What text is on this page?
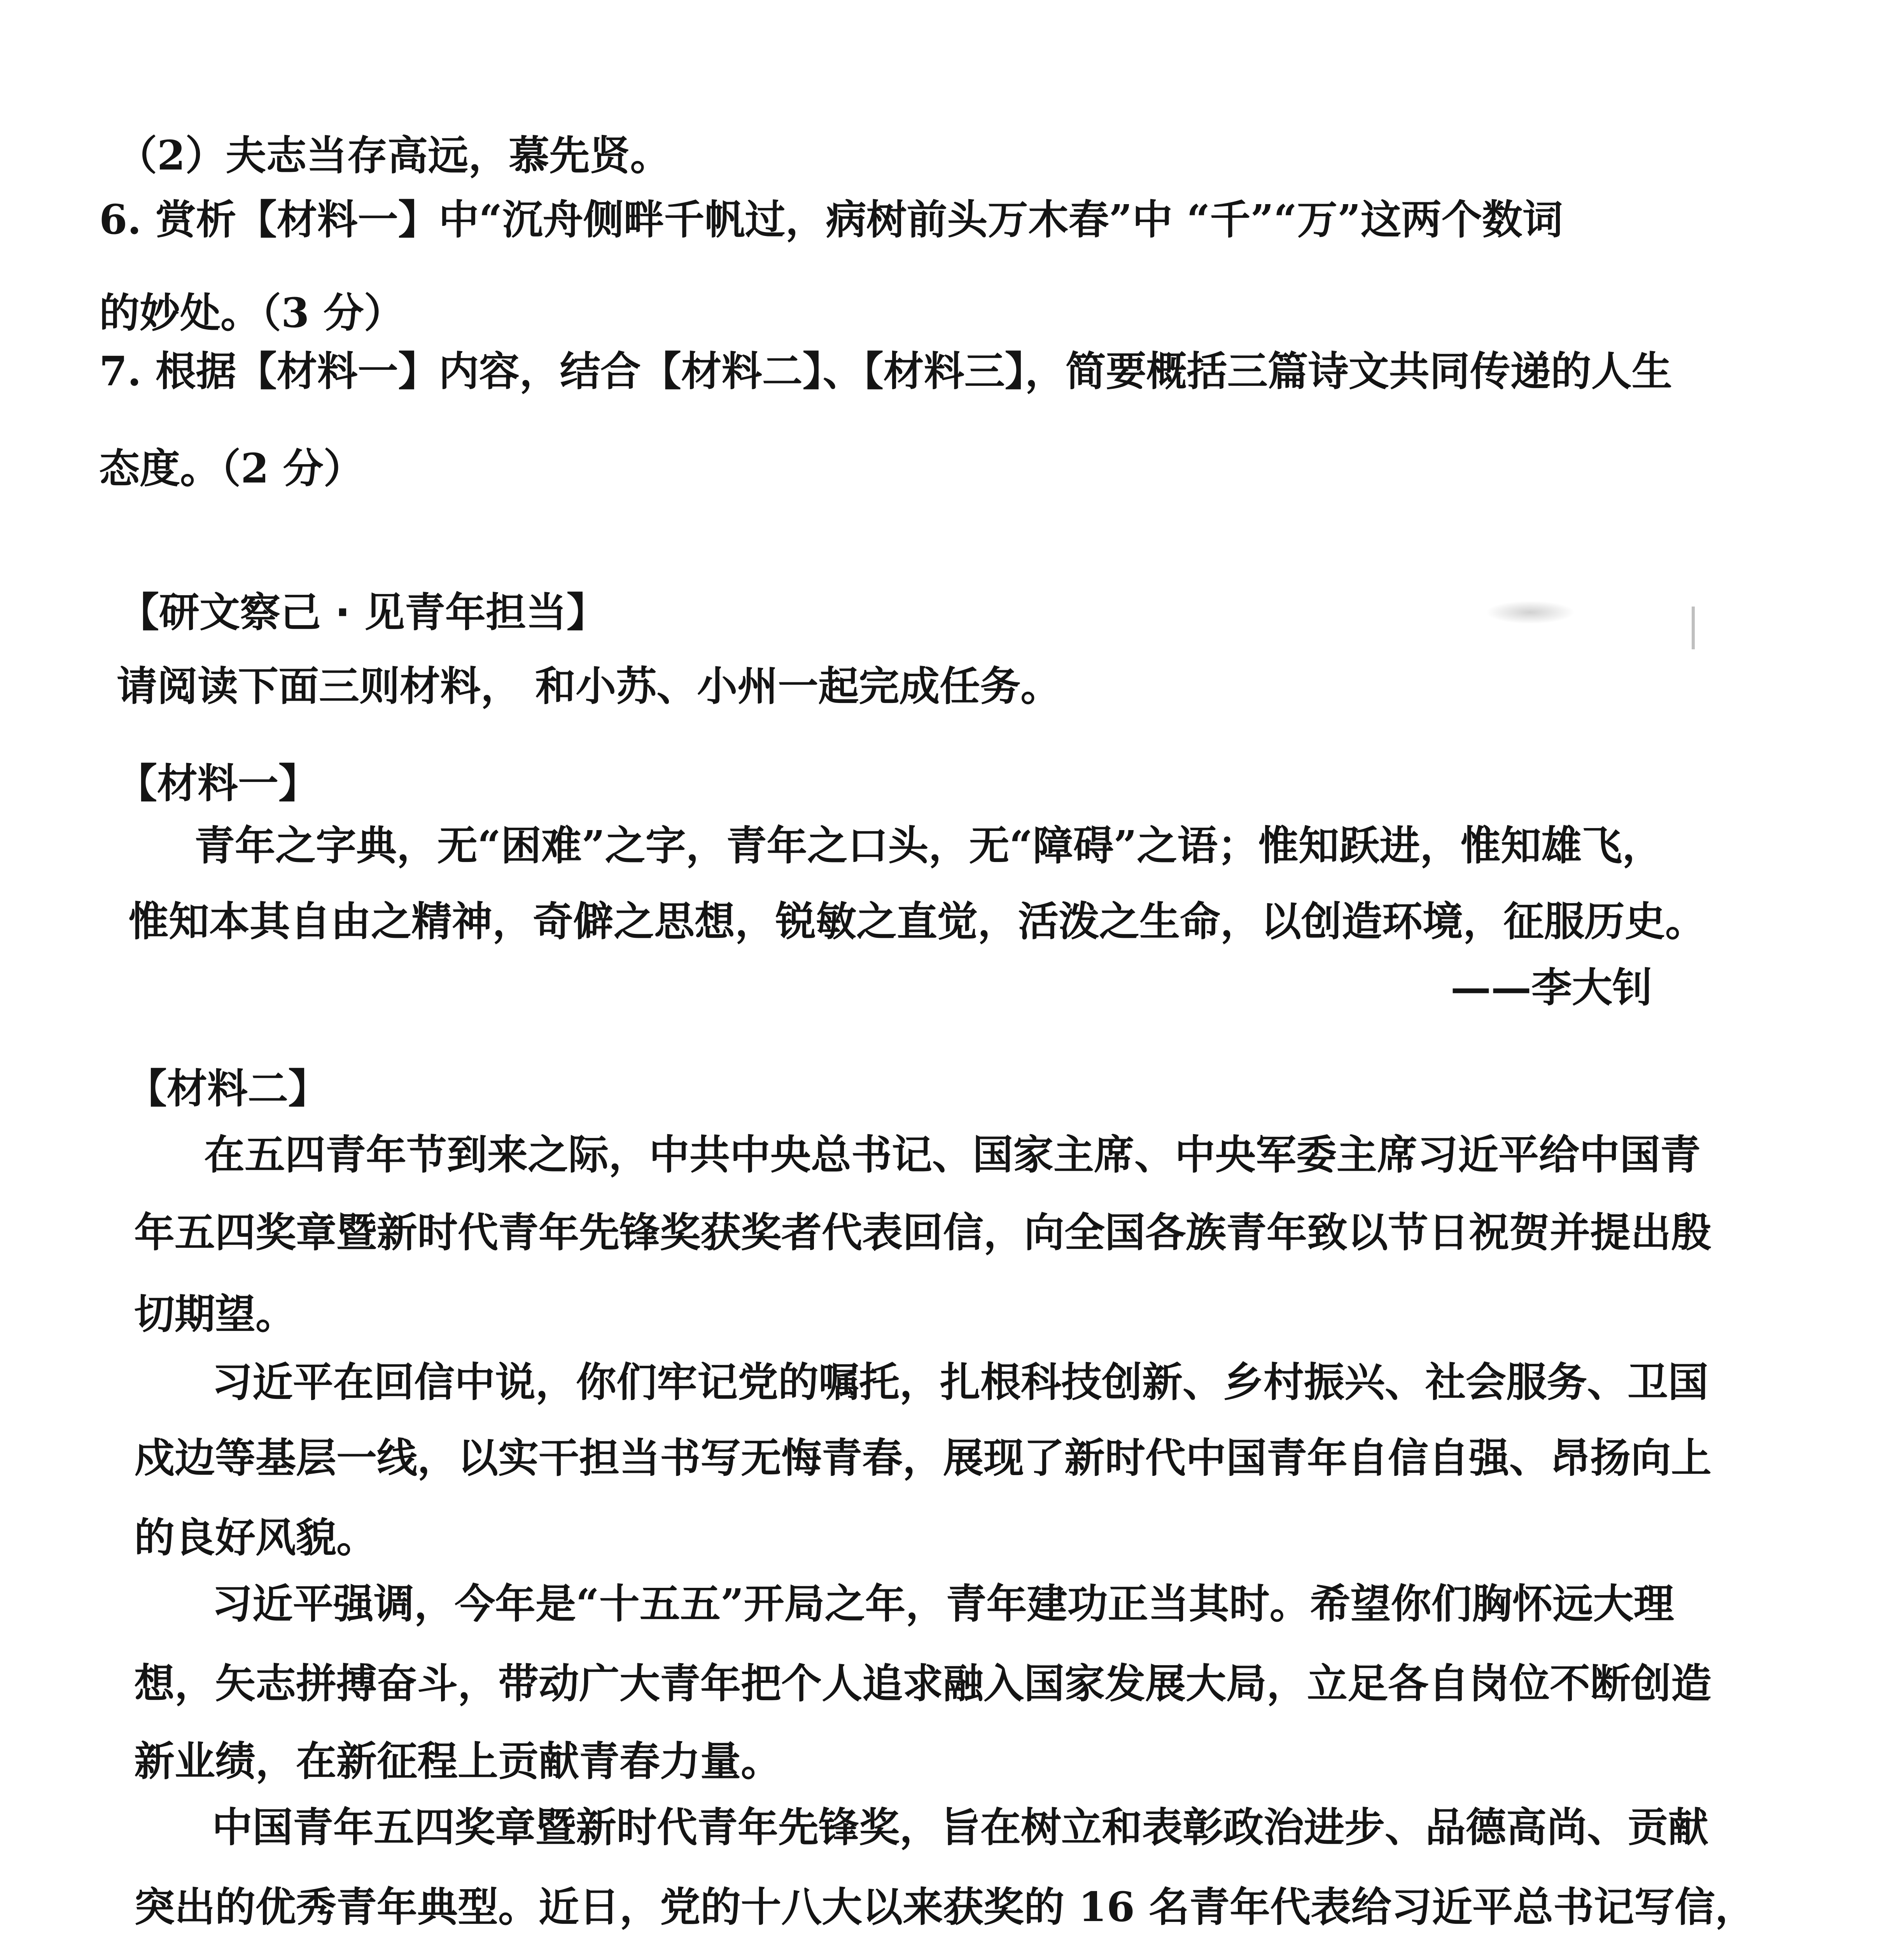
（2）夫志当存高远，慕先贤。
6. 赏析【材料一】中“沉舟侧畔千帆过，病树前头万木春”中 “千”“万”这两个数词
的妙处。（3 分）
7. 根据【材料一】内容，结合【材料二】、【材料三】，简要概括三篇诗文共同传递的人生
态度。（2 分）
【研文察己 · 见青年担当】
请阅读下面三则材料， 和小苏、小州一起完成任务。
【材料一】
青年之字典，无“困难”之字，青年之口头，无“障碍”之语；惟知跃进，惟知雄飞，
惟知本其自由之精神，奇僻之思想，锐敏之直觉，活泼之生命，以创造环境，征服历史。
——李大钊
【材料二】
在五四青年节到来之际，中共中央总书记、国家主席、中央军委主席习近平给中国青
年五四奖章暨新时代青年先锋奖获奖者代表回信，向全国各族青年致以节日祝贺并提出殷
切期望。
习近平在回信中说，你们牢记党的嘱托，扎根科技创新、乡村振兴、社会服务、卫国
戍边等基层一线，以实干担当书写无悔青春，展现了新时代中国青年自信自强、昂扬向上
的良好风貌。
习近平强调，今年是“十五五”开局之年，青年建功正当其时。希望你们胸怀远大理
想，矢志拼搏奋斗，带动广大青年把个人追求融入国家发展大局，立足各自岗位不断创造
新业绩，在新征程上贡献青春力量。
中国青年五四奖章暨新时代青年先锋奖，旨在树立和表彰政治进步、品德高尚、贡献
突出的优秀青年典型。近日，党的十八大以来获奖的 16 名青年代表给习近平总书记写信，
